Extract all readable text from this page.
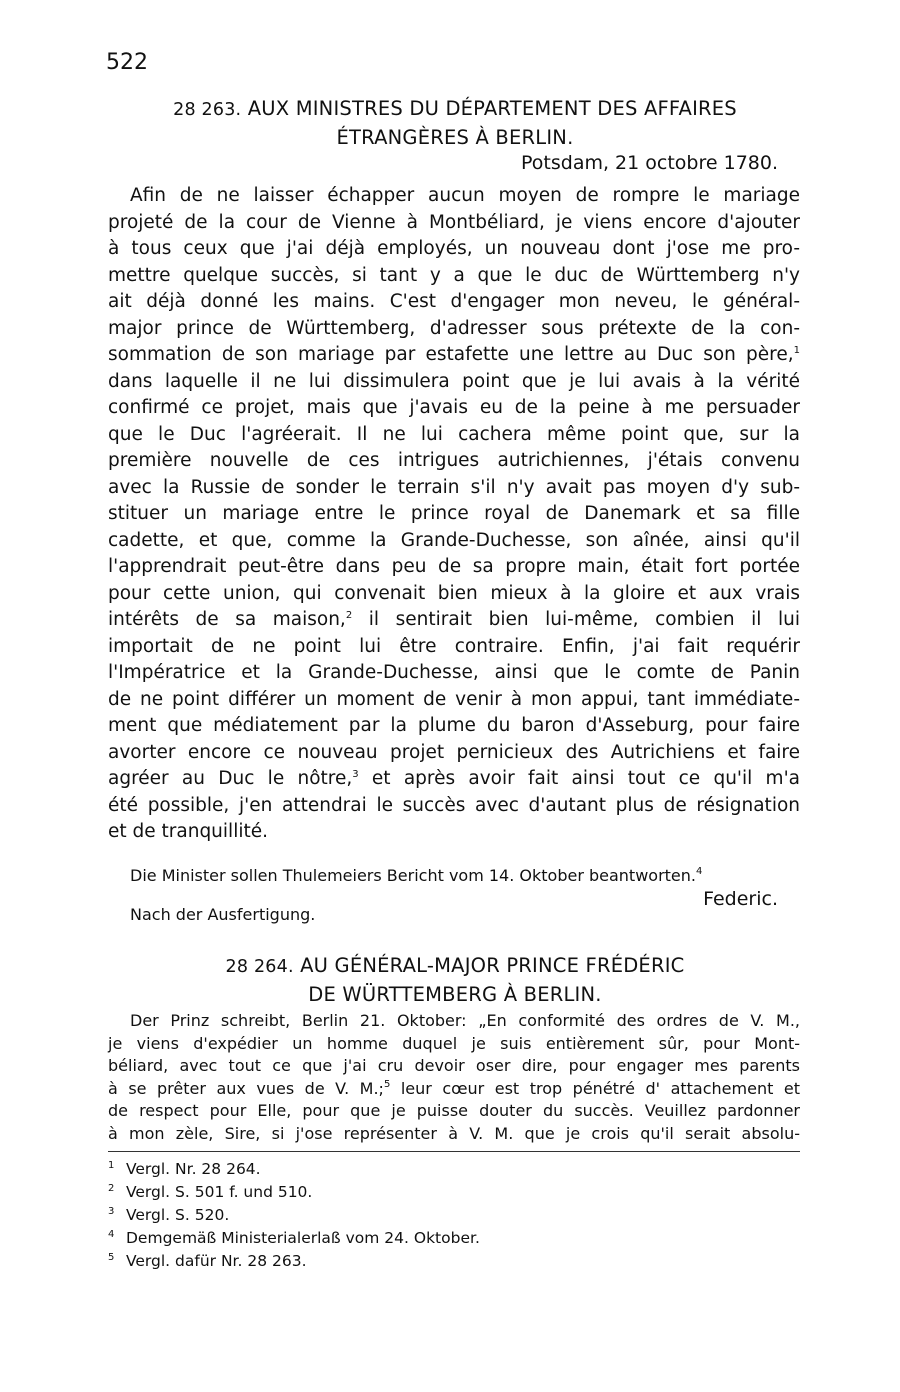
522
28 263. AUX MINISTRES DU DÉPARTEMENT DES AFFAIRES
ÉTRANGÈRES À BERLIN.
Potsdam, 21 octobre 1780.
Afin de ne laisser échapper aucun moyen de rompre le mariage
projeté de la cour de Vienne à Montbéliard, je viens encore d'ajouter
à tous ceux que j'ai déjà employés, un nouveau dont j'ose me pro-
mettre quelque succès, si tant y a que le duc de Württemberg n'y
ait déjà donné les mains. C'est d'engager mon neveu, le général-
major prince de Württemberg, d'adresser sous prétexte de la con-
sommation de son mariage par estafette une lettre au Duc son père,$^1$
dans laquelle il ne lui dissimulera point que je lui avais à la vérité
confirmé ce projet, mais que j'avais eu de la peine à me persuader
que le Duc l'agréerait. Il ne lui cachera même point que, sur la
première nouvelle de ces intrigues autrichiennes, j'étais convenu
avec la Russie de sonder le terrain s'il n'y avait pas moyen d'y sub-
stituer un mariage entre le prince royal de Danemark et sa fille
cadette, et que, comme la Grande-Duchesse, son aînée, ainsi qu'il
l'apprendrait peut-être dans peu de sa propre main, était fort portée
pour cette union, qui convenait bien mieux à la gloire et aux vrais
intérêts de sa maison,$^2$ il sentirait bien lui-même, combien il lui
importait de ne point lui être contraire. Enfin, j'ai fait requérir
l'Impératrice et la Grande-Duchesse, ainsi que le comte de Panin
de ne point différer un moment de venir à mon appui, tant immédiate-
ment que médiatement par la plume du baron d'Asseburg, pour faire
avorter encore ce nouveau projet pernicieux des Autrichiens et faire
agréer au Duc le nôtre,$^3$ et après avoir fait ainsi tout ce qu'il m'a
été possible, j'en attendrai le succès avec d'autant plus de résignation
et de tranquillité.
Die Minister sollen Thulemeiers Bericht vom 14. Oktober beantworten.$^4$
Federic.
Nach der Ausfertigung.
28 264. AU GÉNÉRAL-MAJOR PRINCE FRÉDÉRIC
DE WÜRTTEMBERG À BERLIN.
Der Prinz schreibt, Berlin 21. Oktober: „En conformité des ordres de V. M.,
je viens d'expédier un homme duquel je suis entièrement sûr, pour Mont-
béliard, avec tout ce que j'ai cru devoir oser dire, pour engager mes parents
à se prêter aux vues de V. M.;$^5$ leur cœur est trop pénétré d' attachement et
de respect pour Elle, pour que je puisse douter du succès. Veuillez pardonner
à mon zèle, Sire, si j'ose représenter à V. M. que je crois qu'il serait absolu-
1 Vergl. Nr. 28 264.
2 Vergl. S. 501 f. und 510.
3 Vergl. S. 520.
4 Demgemäß Ministerialerlaß vom 24. Oktober.
5 Vergl. dafür Nr. 28 263.
